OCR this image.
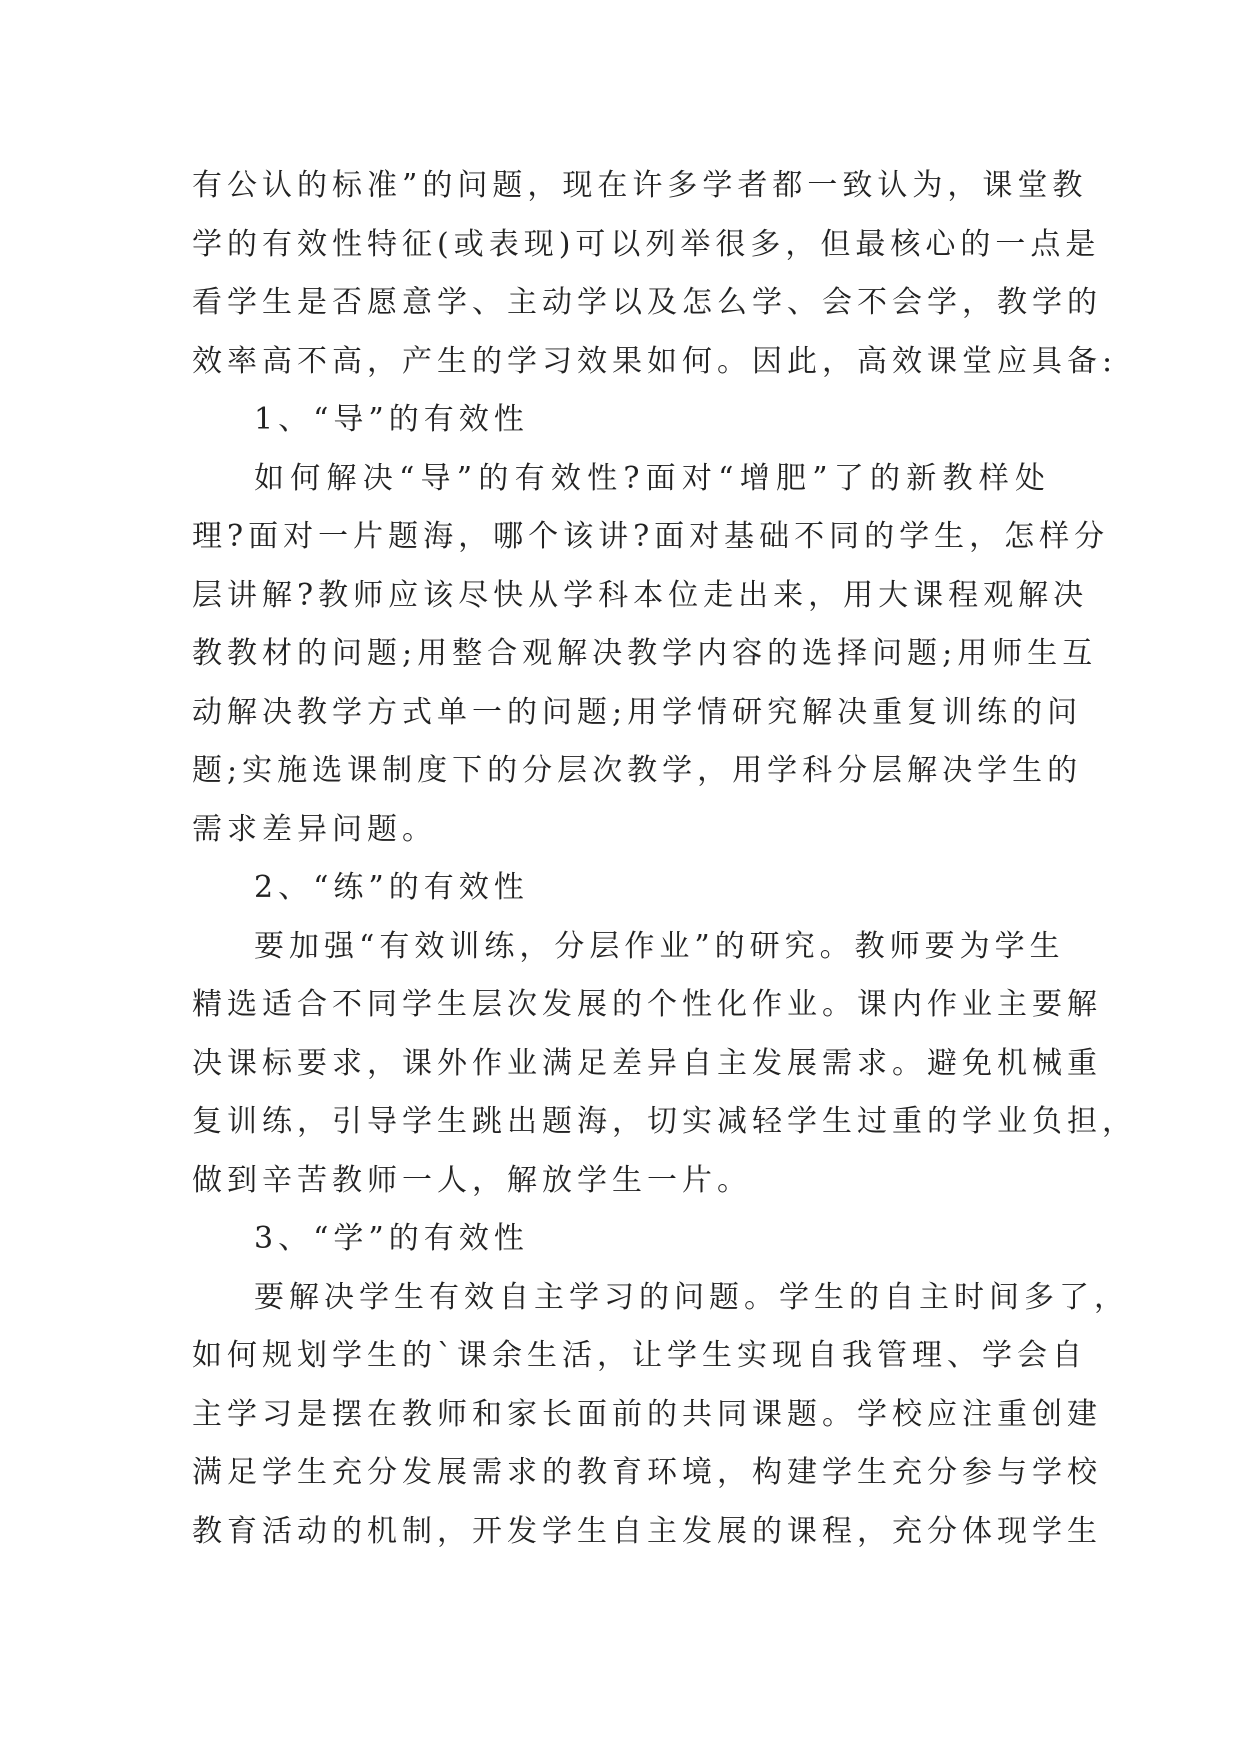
有公认的标准”的问题，现在许多学者都一致认为，课堂教
学的有效性特征(或表现)可以列举很多，但最核心的一点是
看学生是否愿意学、主动学以及怎么学、会不会学，教学的
效率高不高，产生的学习效果如何。因此，高效课堂应具备:
1、“导”的有效性
如何解决“导”的有效性?面对“增肥”了的新教样处
理?面对一片题海，哪个该讲?面对基础不同的学生，怎样分
层讲解?教师应该尽快从学科本位走出来，用大课程观解决
教教材的问题;用整合观解决教学内容的选择问题;用师生互
动解决教学方式单一的问题;用学情研究解决重复训练的问
题;实施选课制度下的分层次教学，用学科分层解决学生的
需求差异问题。
2、“练”的有效性
要加强“有效训练，分层作业”的研究。教师要为学生
精选适合不同学生层次发展的个性化作业。课内作业主要解
决课标要求，课外作业满足差异自主发展需求。避免机械重
复训练，引导学生跳出题海，切实减轻学生过重的学业负担，
做到辛苦教师一人，解放学生一片。
3、“学”的有效性
要解决学生有效自主学习的问题。学生的自主时间多了，
如何规划学生的`课余生活，让学生实现自我管理、学会自
主学习是摆在教师和家长面前的共同课题。学校应注重创建
满足学生充分发展需求的教育环境，构建学生充分参与学校
教育活动的机制，开发学生自主发展的课程，充分体现学生
